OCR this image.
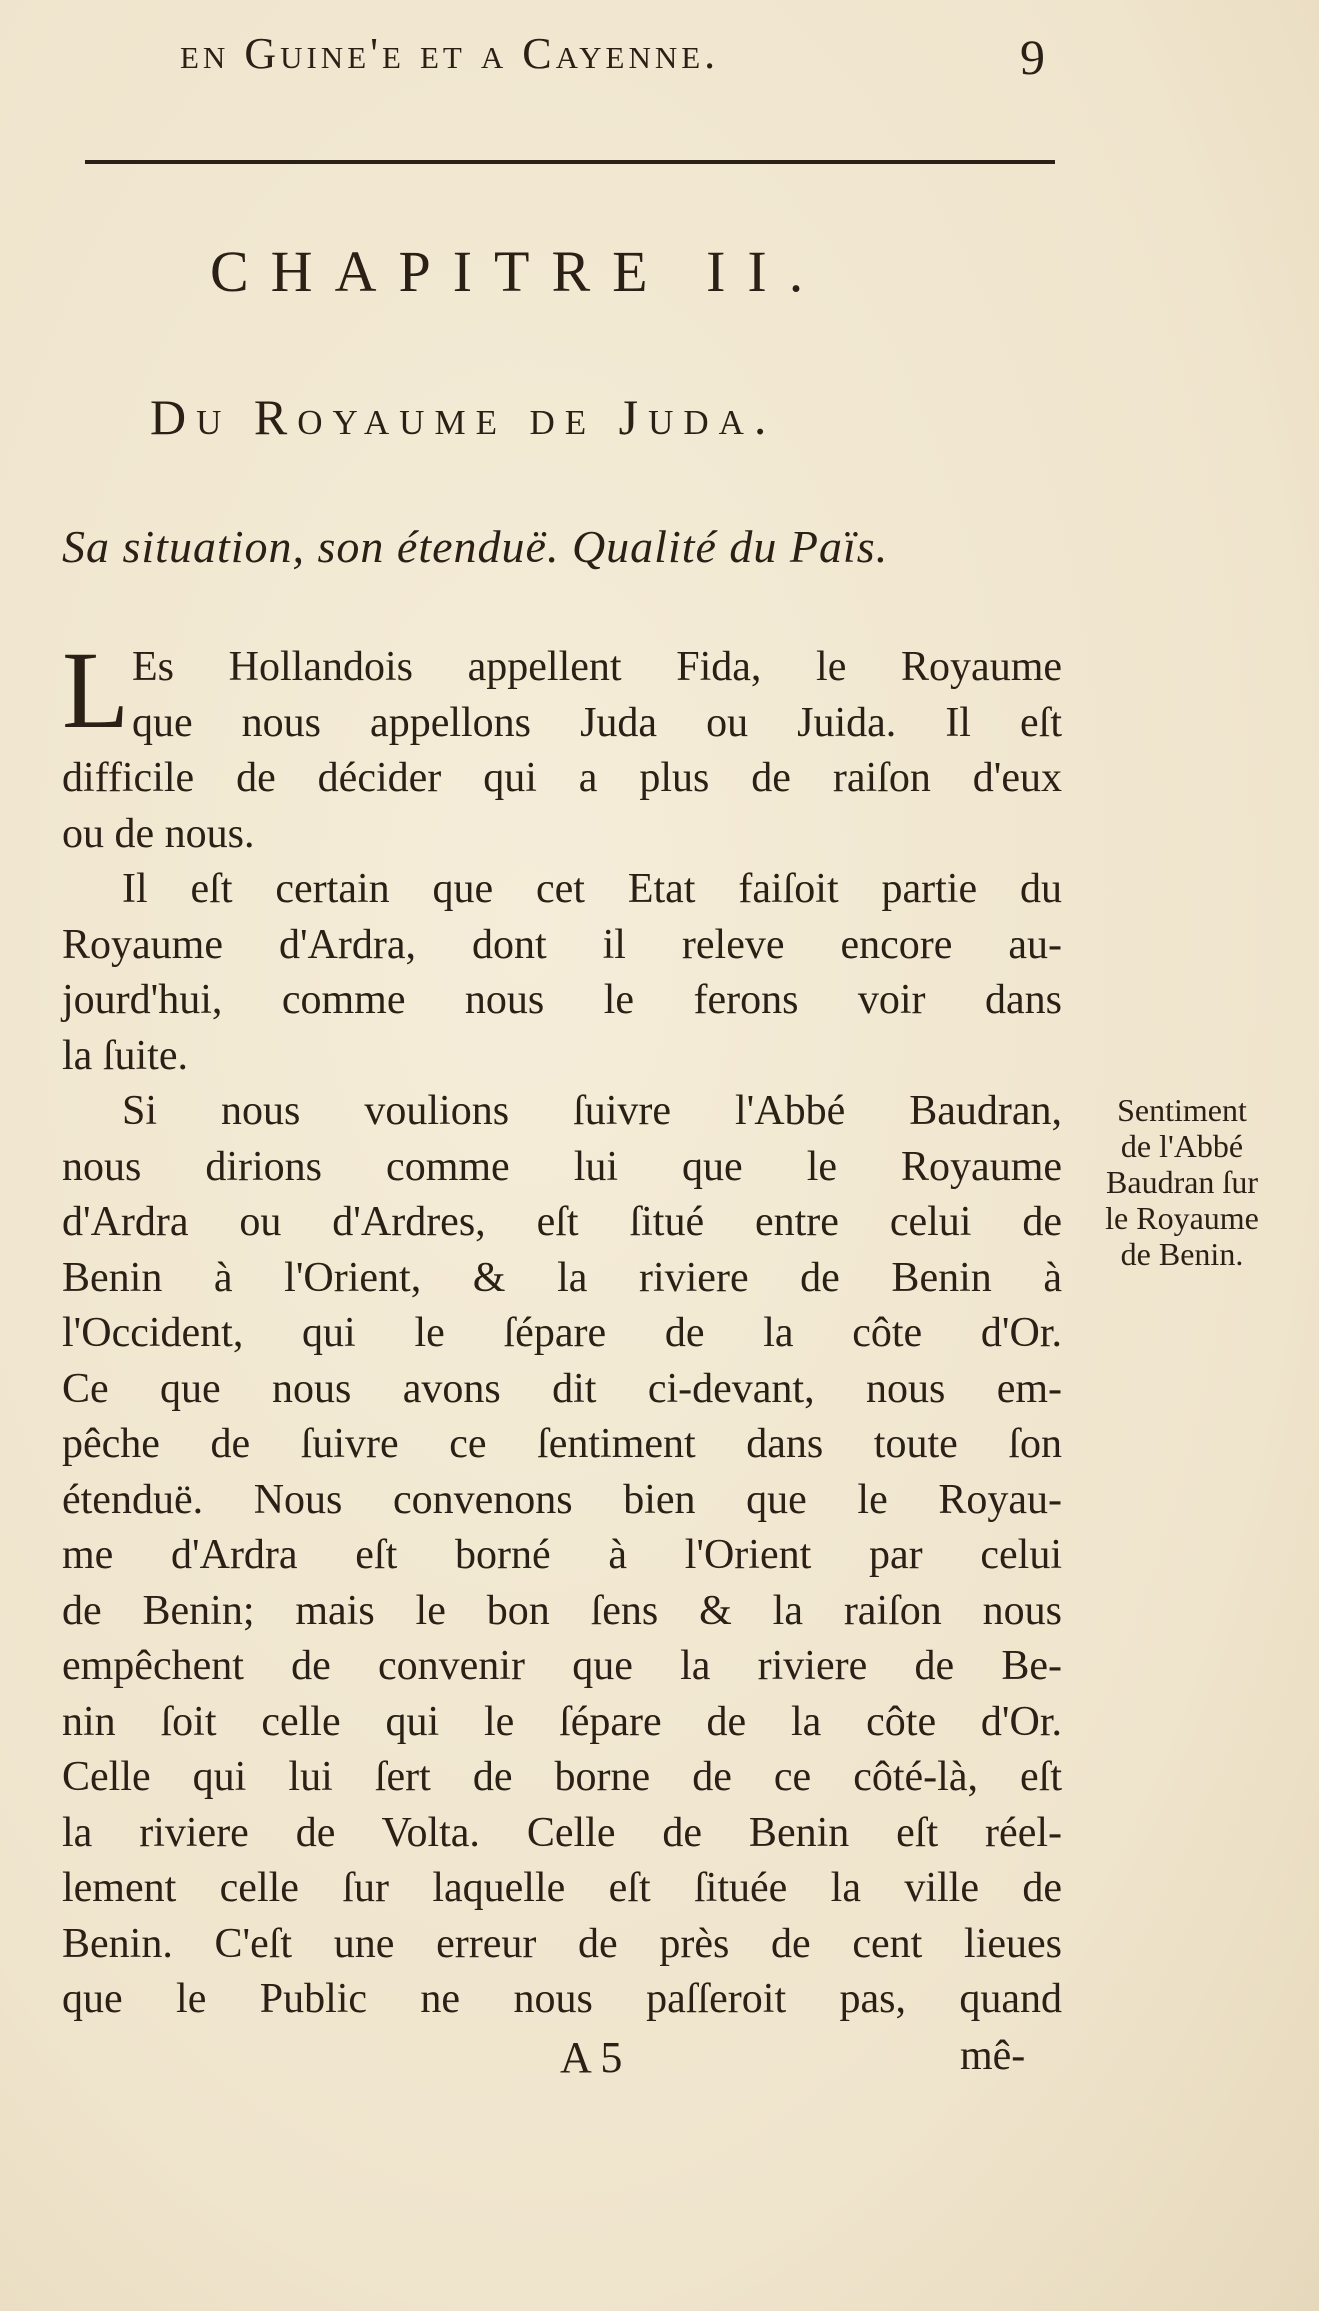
en Guine'e et a Cayenne.	9
CHAPITRE II.
Du Royaume de Juda.
Sa situation, son étenduë. Qualité du Païs.
L Es Hollandois appellent Fida, le Royaume
que nous appellons Juda ou Juida. Il eſt
difficile de décider qui a plus de raiſon d'eux
ou de nous.
Il eſt certain que cet Etat faiſoit partie du
Royaume d'Ardra, dont il releve encore au-
jourd'hui, comme nous le ferons voir dans
la ſuite.
Si nous voulions ſuivre l'Abbé Baudran,
nous dirions comme lui que le Royaume
d'Ardra ou d'Ardres, eſt ſitué entre celui de
Benin à l'Orient, & la riviere de Benin à
l'Occident, qui le ſépare de la côte d'Or.
Ce que nous avons dit ci-devant, nous em-
pêche de ſuivre ce ſentiment dans toute ſon
étenduë. Nous convenons bien que le Royau-
me d'Ardra eſt borné à l'Orient par celui
de Benin; mais le bon ſens & la raiſon nous
empêchent de convenir que la riviere de Be-
nin ſoit celle qui le ſépare de la côte d'Or.
Celle qui lui ſert de borne de ce côté-là, eſt
la riviere de Volta. Celle de Benin eſt réel-
lement celle ſur laquelle eſt ſituée la ville de
Benin. C'eſt une erreur de près de cent lieues
que le Public ne nous paſſeroit pas, quand
Sentiment
de l'Abbé
Baudran ſur
le Royaume
de Benin.
A 5	mê-
